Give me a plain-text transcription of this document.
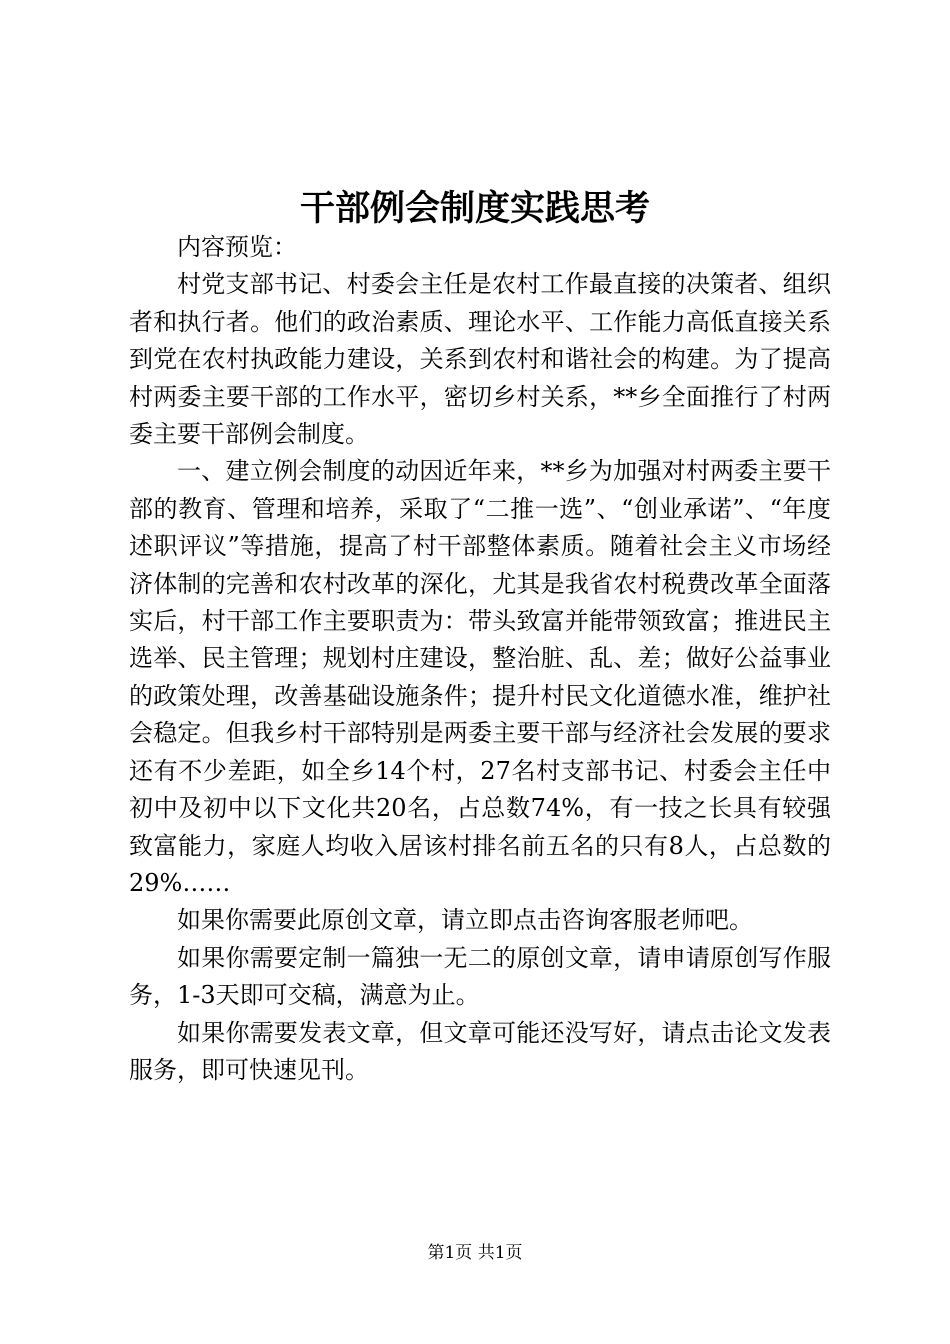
干部例会制度实践思考

内容预览：

村党支部书记、村委会主任是农村工作最直接的决策者、组织者和执行者。他们的政治素质、理论水平、工作能力高低直接关系到党在农村执政能力建设，关系到农村和谐社会的构建。为了提高村两委主要干部的工作水平，密切乡村关系，**乡全面推行了村两委主要干部例会制度。

一、建立例会制度的动因近年来，**乡为加强对村两委主要干部的教育、管理和培养，采取了“二推一选”、“创业承诺”、“年度述职评议”等措施，提高了村干部整体素质。随着社会主义市场经济体制的完善和农村改革的深化，尤其是我省农村税费改革全面落实后，村干部工作主要职责为：带头致富并能带领致富；推进民主选举、民主管理；规划村庄建设，整治脏、乱、差；做好公益事业的政策处理，改善基础设施条件；提升村民文化道德水准，维护社会稳定。但我乡村干部特别是两委主要干部与经济社会发展的要求还有不少差距，如全乡14个村，27名村支部书记、村委会主任中初中及初中以下文化共20名，占总数74%，有一技之长具有较强致富能力，家庭人均收入居该村排名前五名的只有8人，占总数的29%……

如果你需要此原创文章，请立即点击咨询客服老师吧。

如果你需要定制一篇独一无二的原创文章，请申请原创写作服务，1-3天即可交稿，满意为止。

如果你需要发表文章，但文章可能还没写好，请点击论文发表服务，即可快速见刊。

第1页 共1页
